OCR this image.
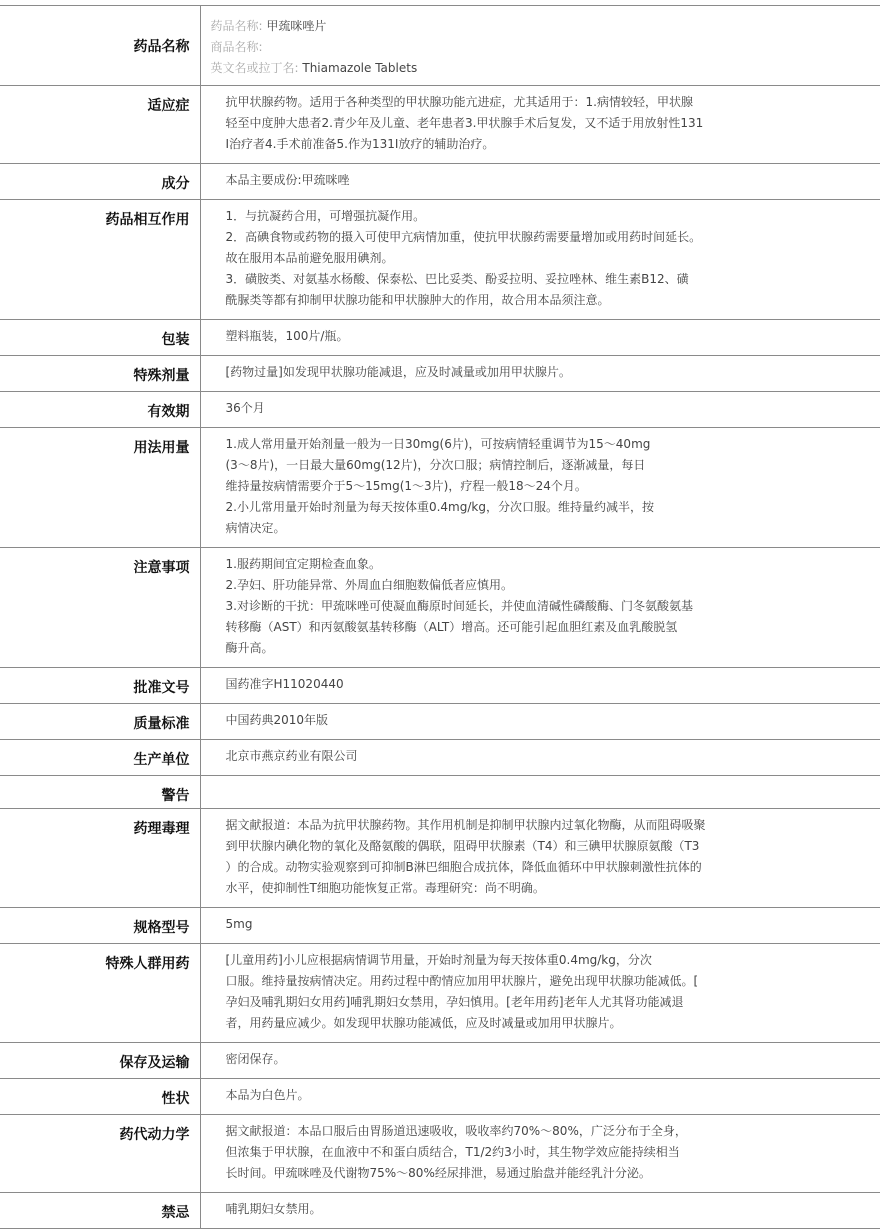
药品名称	药品名称: 甲巯咪唑片
商品名称:
英文名或拉丁名: Thiamazole Tablets

适应症	抗甲状腺药物。适用于各种类型的甲状腺功能亢进症，尤其适用于：1.病情较轻，甲状腺
轻至中度肿大患者2.青少年及儿童、老年患者3.甲状腺手术后复发，又不适于用放射性131
I治疗者4.手术前准备5.作为131I放疗的辅助治疗。

成分	本品主要成份:甲巯咪唑

药品相互作用	1．与抗凝药合用，可增强抗凝作用。
2．高碘食物或药物的摄入可使甲亢病情加重，使抗甲状腺药需要量增加或用药时间延长。
故在服用本品前避免服用碘剂。
3．磺胺类、对氨基水杨酸、保泰松、巴比妥类、酚妥拉明、妥拉唑林、维生素B12、磺
酰脲类等都有抑制甲状腺功能和甲状腺肿大的作用，故合用本品须注意。

包装	塑料瓶装，100片/瓶。

特殊剂量	[药物过量]如发现甲状腺功能减退，应及时减量或加用甲状腺片。

有效期	36个月

用法用量	1.成人常用量开始剂量一般为一日30mg(6片)，可按病情轻重调节为15～40mg
(3～8片)，一日最大量60mg(12片)，分次口服；病情控制后，逐渐减量，每日
维持量按病情需要介于5～15mg(1～3片)，疗程一般18～24个月。
2.小儿常用量开始时剂量为每天按体重0.4mg/kg，分次口服。维持量约减半，按
病情决定。

注意事项	1.服药期间宜定期检查血象。
2.孕妇、肝功能异常、外周血白细胞数偏低者应慎用。
3.对诊断的干扰：甲巯咪唑可使凝血酶原时间延长，并使血清碱性磷酸酶、门冬氨酸氨基
转移酶（AST）和丙氨酸氨基转移酶（ALT）增高。还可能引起血胆红素及血乳酸脱氢
酶升高。

批准文号	国药准字H11020440

质量标准	中国药典2010年版

生产单位	北京市燕京药业有限公司

警告	
药理毒理	据文献报道：本品为抗甲状腺药物。其作用机制是抑制甲状腺内过氧化物酶，从而阻碍吸聚
到甲状腺内碘化物的氧化及酪氨酸的偶联，阻碍甲状腺素（T4）和三碘甲状腺原氨酸（T3
）的合成。动物实验观察到可抑制B淋巴细胞合成抗体，降低血循环中甲状腺刺激性抗体的
水平，使抑制性T细胞功能恢复正常。毒理研究：尚不明确。

规格型号	5mg

特殊人群用药	[儿童用药]小儿应根据病情调节用量，开始时剂量为每天按体重0.4mg/kg，分次
口服。维持量按病情决定。用药过程中酌情应加用甲状腺片，避免出现甲状腺功能减低。[
孕妇及哺乳期妇女用药]哺乳期妇女禁用，孕妇慎用。[老年用药]老年人尤其肾功能减退
者，用药量应减少。如发现甲状腺功能减低，应及时减量或加用甲状腺片。

保存及运输	密闭保存。

性状	本品为白色片。

药代动力学	据文献报道：本品口服后由胃肠道迅速吸收，吸收率约70%～80%，广泛分布于全身，
但浓集于甲状腺，在血液中不和蛋白质结合，T1/2约3小时，其生物学效应能持续相当
长时间。甲巯咪唑及代谢物75%～80%经尿排泄，易通过胎盘并能经乳汁分泌。

禁忌	哺乳期妇女禁用。
